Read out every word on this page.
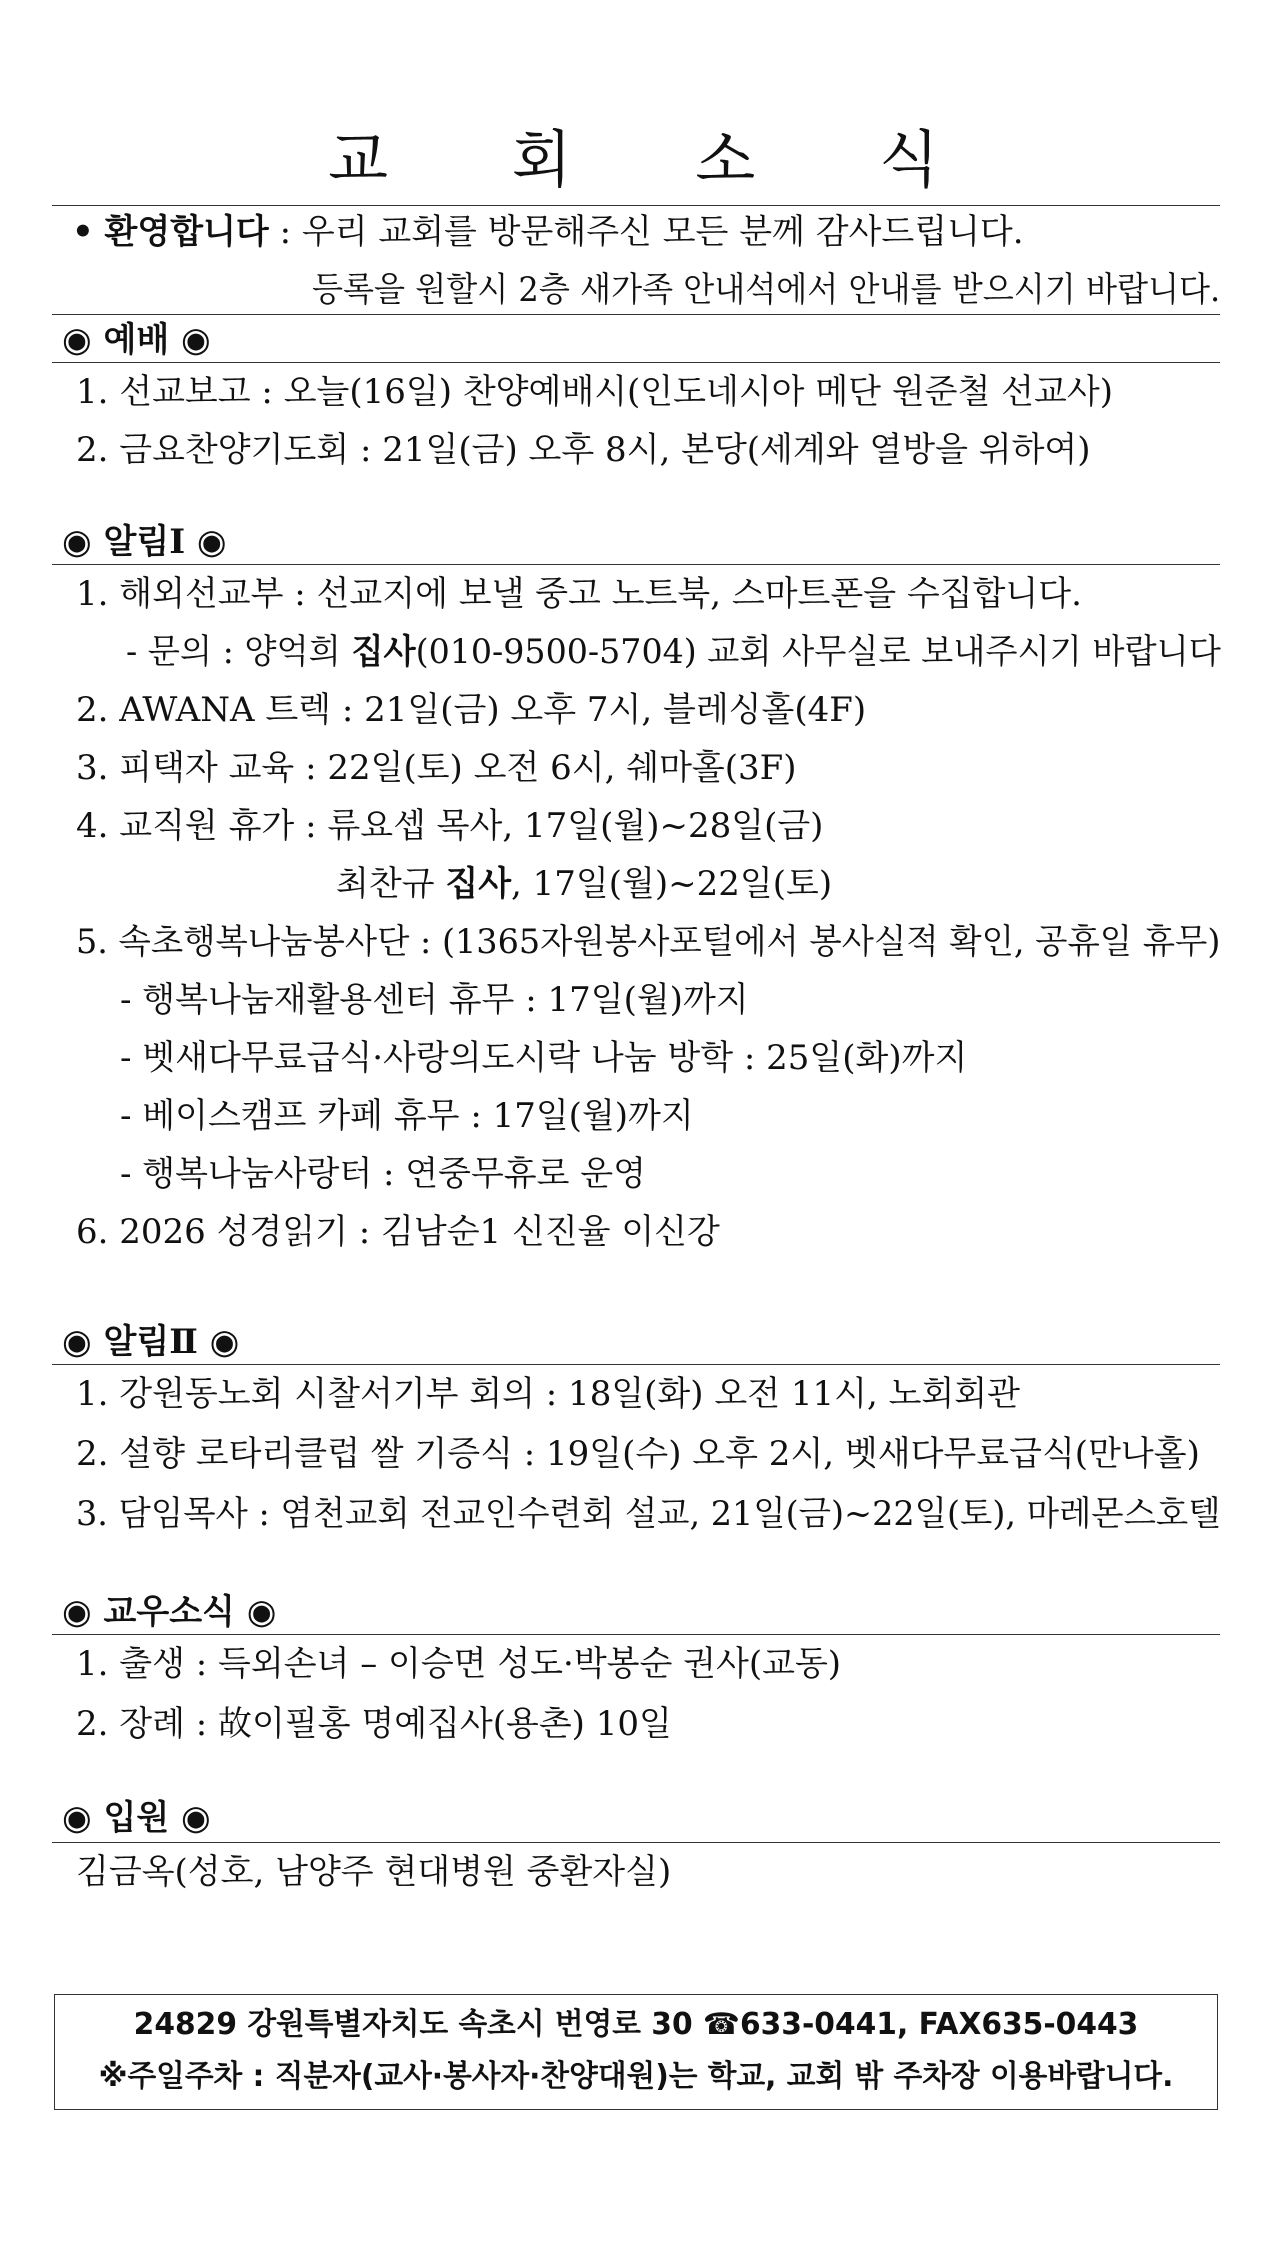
교 회 소 식
• 환영합니다 : 우리 교회를 방문해주신 모든 분께 감사드립니다.
등록을 원할시 2층 새가족 안내석에서 안내를 받으시기 바랍니다.
◉ 예배 ◉
1. 선교보고 : 오늘(16일) 찬양예배시(인도네시아 메단 원준철 선교사)
2. 금요찬양기도회 : 21일(금) 오후 8시, 본당(세계와 열방을 위하여)
◉ 알림Ⅰ ◉
1. 해외선교부 : 선교지에 보낼 중고 노트북, 스마트폰을 수집합니다.
- 문의 : 양억희 집사(010-9500-5704) 교회 사무실로 보내주시기 바랍니다
2. AWANA 트렉 : 21일(금) 오후 7시, 블레싱홀(4F)
3. 피택자 교육 : 22일(토) 오전 6시, 쉐마홀(3F)
4. 교직원 휴가 : 류요셉 목사, 17일(월)~28일(금)
최찬규 집사, 17일(월)~22일(토)
5. 속초행복나눔봉사단 : (1365자원봉사포털에서 봉사실적 확인, 공휴일 휴무)
- 행복나눔재활용센터 휴무 : 17일(월)까지
- 벳새다무료급식·사랑의도시락 나눔 방학 : 25일(화)까지
- 베이스캠프 카페 휴무 : 17일(월)까지
- 행복나눔사랑터 : 연중무휴로 운영
6. 2026 성경읽기 : 김남순1 신진율 이신강
◉ 알림Ⅱ ◉
1. 강원동노회 시찰서기부 회의 : 18일(화) 오전 11시, 노회회관
2. 설향 로타리클럽 쌀 기증식 : 19일(수) 오후 2시, 벳새다무료급식(만나홀)
3. 담임목사 : 염천교회 전교인수련회 설교, 21일(금)~22일(토), 마레몬스호텔
◉ 교우소식 ◉
1. 출생 : 득외손녀 – 이승면 성도·박봉순 권사(교동)
2. 장례 : 故이필홍 명예집사(용촌) 10일
◉ 입원 ◉
김금옥(성호, 남양주 현대병원 중환자실)
24829 강원특별자치도 속초시 번영로 30 ☎633-0441, FAX635-0443
※주일주차 : 직분자(교사·봉사자·찬양대원)는 학교, 교회 밖 주차장 이용바랍니다.
